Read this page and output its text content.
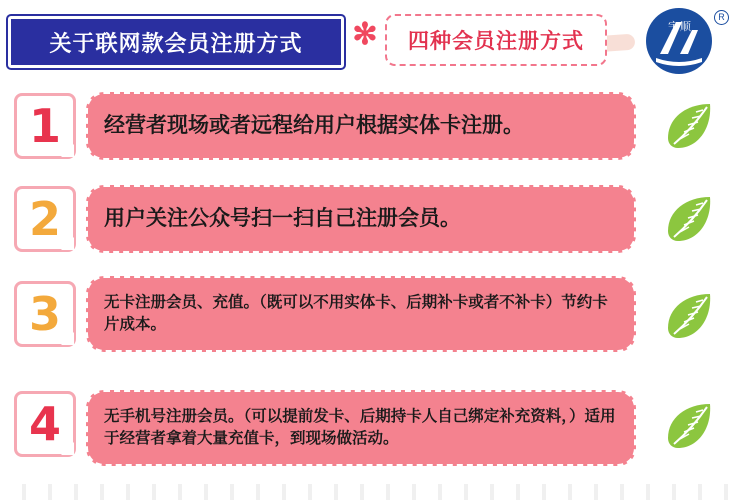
关于联网款会员注册方式 ✻ 四种会员注册方式
宇顺
R
1	经营者现场或者远程给用户根据实体卡注册。
2	用户关注公众号扫一扫自己注册会员。
3	无卡注册会员、充值。（既可以不用实体卡、后期补卡或者不补卡）节约卡片成本。
4	无手机号注册会员。（可以提前发卡、后期持卡人自己绑定补充资料，）适用于经营者拿着大量充值卡，到现场做活动。
